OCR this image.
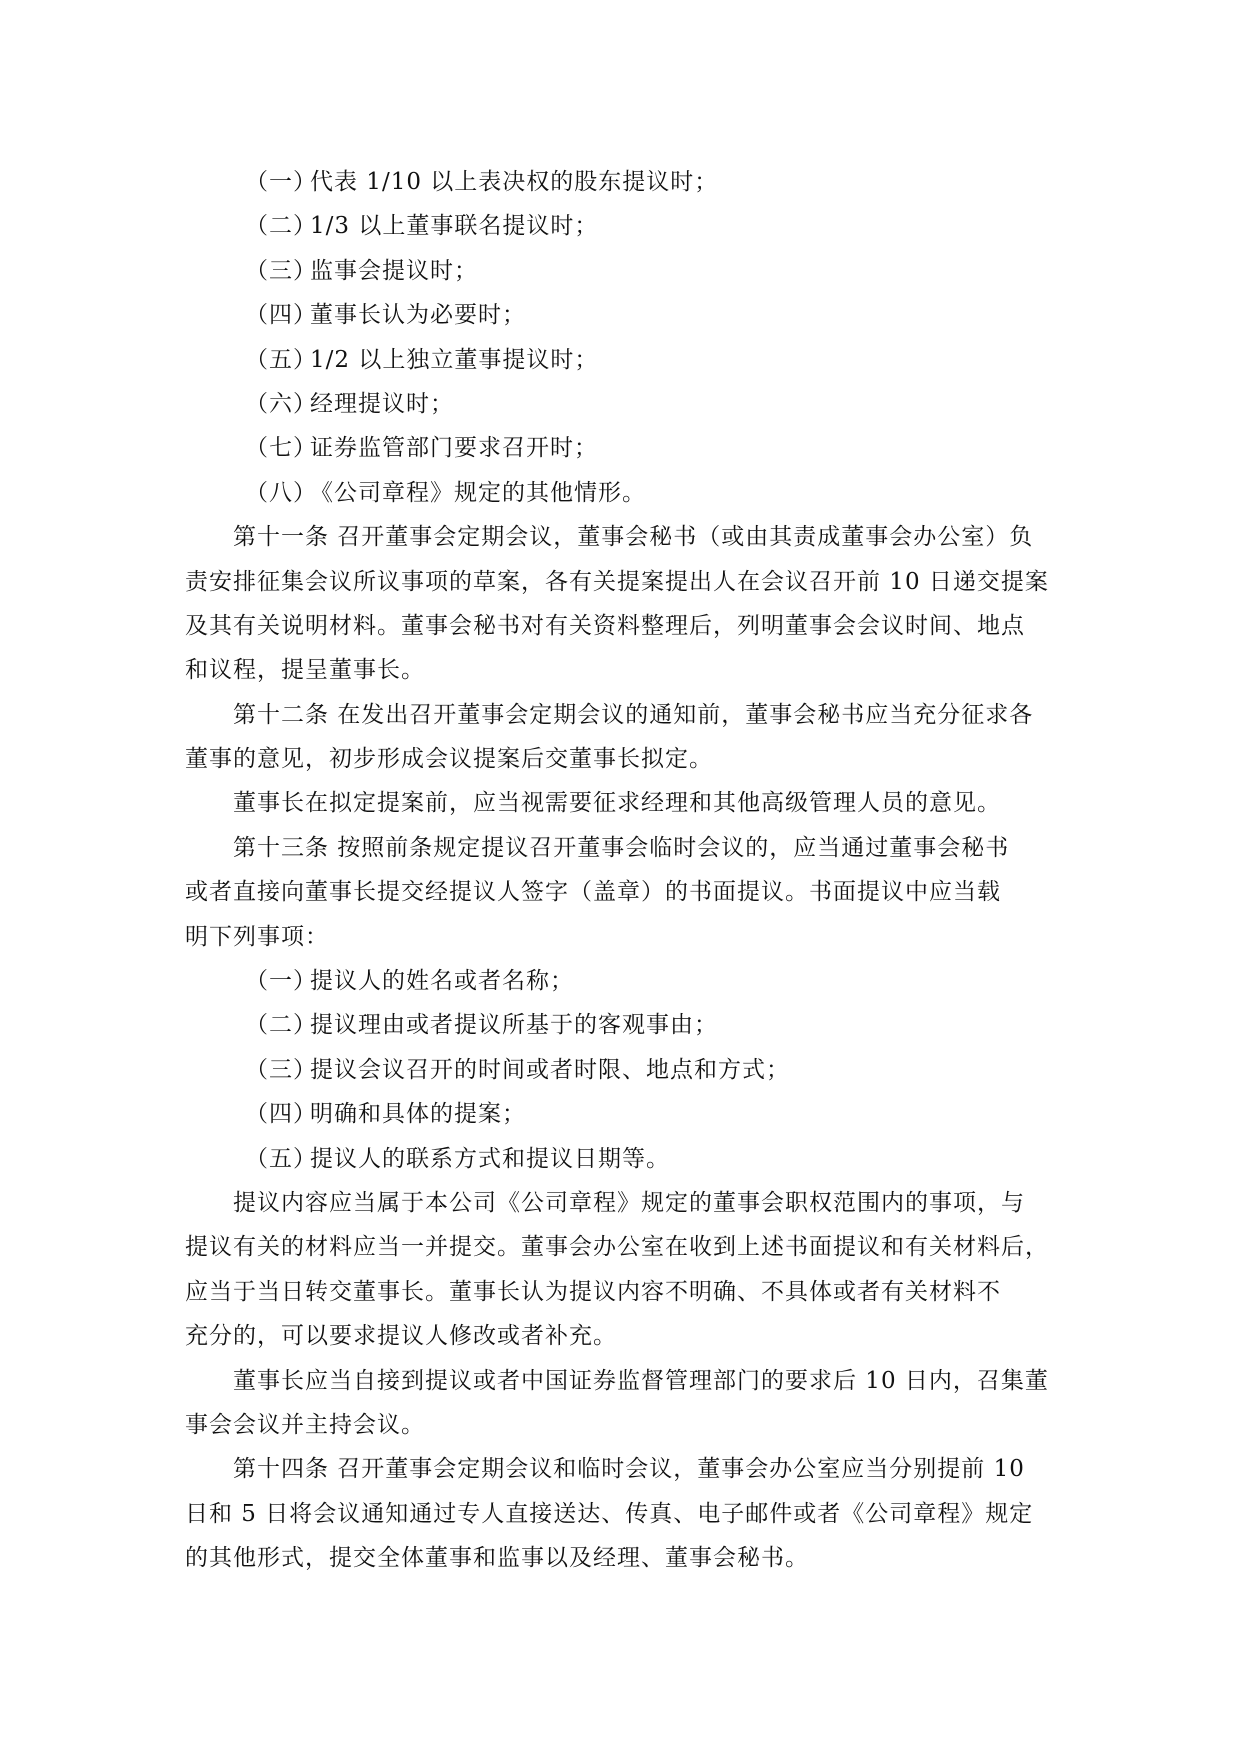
（一）代表 1/10 以上表决权的股东提议时；
（二）1/3 以上董事联名提议时；
（三）监事会提议时；
（四）董事长认为必要时；
（五）1/2 以上独立董事提议时；
（六）经理提议时；
（七）证券监管部门要求召开时；
（八）《公司章程》规定的其他情形。
第十一条 召开董事会定期会议，董事会秘书（或由其责成董事会办公室）负
责安排征集会议所议事项的草案，各有关提案提出人在会议召开前 10 日递交提案
及其有关说明材料。董事会秘书对有关资料整理后，列明董事会会议时间、地点
和议程，提呈董事长。
第十二条 在发出召开董事会定期会议的通知前，董事会秘书应当充分征求各
董事的意见，初步形成会议提案后交董事长拟定。
董事长在拟定提案前，应当视需要征求经理和其他高级管理人员的意见。
第十三条 按照前条规定提议召开董事会临时会议的，应当通过董事会秘书
或者直接向董事长提交经提议人签字（盖章）的书面提议。书面提议中应当载
明下列事项：
（一）提议人的姓名或者名称；
（二）提议理由或者提议所基于的客观事由；
（三）提议会议召开的时间或者时限、地点和方式；
（四）明确和具体的提案；
（五）提议人的联系方式和提议日期等。
提议内容应当属于本公司《公司章程》规定的董事会职权范围内的事项，与
提议有关的材料应当一并提交。董事会办公室在收到上述书面提议和有关材料后，
应当于当日转交董事长。董事长认为提议内容不明确、不具体或者有关材料不
充分的，可以要求提议人修改或者补充。
董事长应当自接到提议或者中国证券监督管理部门的要求后 10 日内，召集董
事会会议并主持会议。
第十四条 召开董事会定期会议和临时会议，董事会办公室应当分别提前 10
日和 5 日将会议通知通过专人直接送达、传真、电子邮件或者《公司章程》规定
的其他形式，提交全体董事和监事以及经理、董事会秘书。
